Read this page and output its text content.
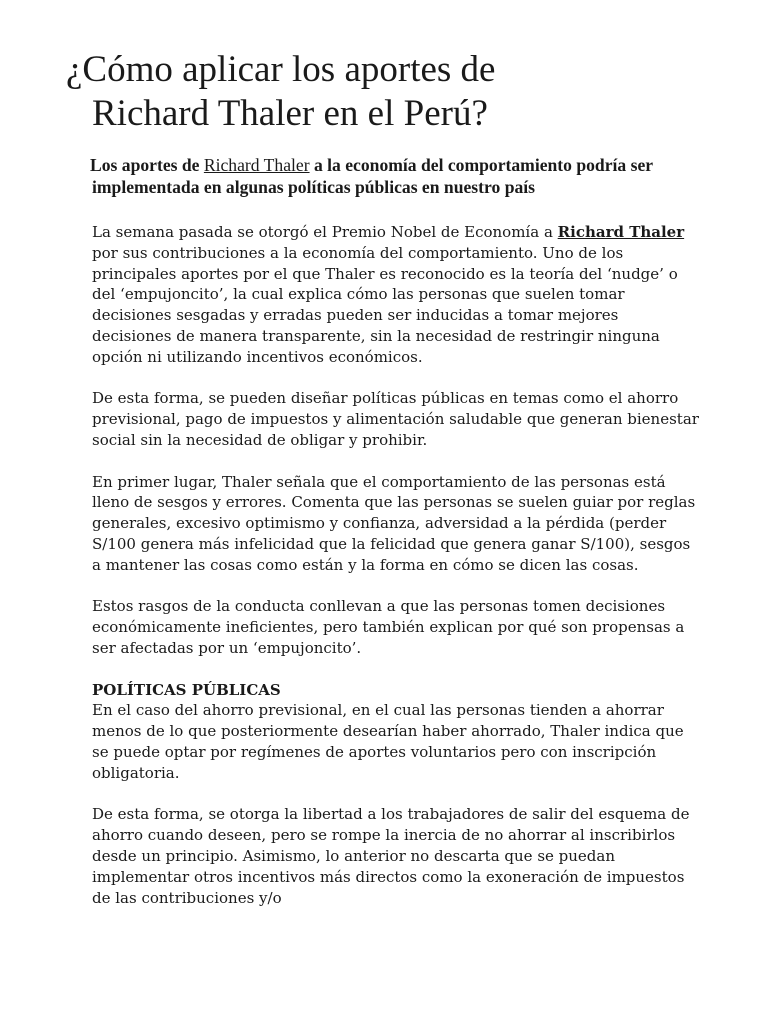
¿Cómo aplicar los aportes de
Richard Thaler en el Perú?

Los aportes de Richard Thaler a la economía del comportamiento podría ser implementada en algunas políticas públicas en nuestro país

La semana pasada se otorgó el Premio Nobel de Economía a Richard Thaler por sus contribuciones a la economía del comportamiento. Uno de los principales aportes por el que Thaler es reconocido es la teoría del ‘nudge’ o del ‘empujoncito’, la cual explica cómo las personas que suelen tomar decisiones sesgadas y erradas pueden ser inducidas a tomar mejores decisiones de manera transparente, sin la necesidad de restringir ninguna opción ni utilizando incentivos económicos.

De esta forma, se pueden diseñar políticas públicas en temas como el ahorro previsional, pago de impuestos y alimentación saludable que generan bienestar social sin la necesidad de obligar y prohibir.

En primer lugar, Thaler señala que el comportamiento de las personas está lleno de sesgos y errores. Comenta que las personas se suelen guiar por reglas generales, excesivo optimismo y confianza, adversidad a la pérdida (perder S/100 genera más infelicidad que la felicidad que genera ganar S/100), sesgos a mantener las cosas como están y la forma en cómo se dicen las cosas.

Estos rasgos de la conducta conllevan a que las personas tomen decisiones económicamente ineficientes, pero también explican por qué son propensas a ser afectadas por un ‘empujoncito’.

POLÍTICAS PÚBLICAS

En el caso del ahorro previsional, en el cual las personas tienden a ahorrar menos de lo que posteriormente desearían haber ahorrado, Thaler indica que se puede optar por regímenes de aportes voluntarios pero con inscripción obligatoria.

De esta forma, se otorga la libertad a los trabajadores de salir del esquema de ahorro cuando deseen, pero se rompe la inercia de no ahorrar al inscribirlos desde un principio. Asimismo, lo anterior no descarta que se puedan implementar otros incentivos más directos como la exoneración de impuestos de las contribuciones y/o
